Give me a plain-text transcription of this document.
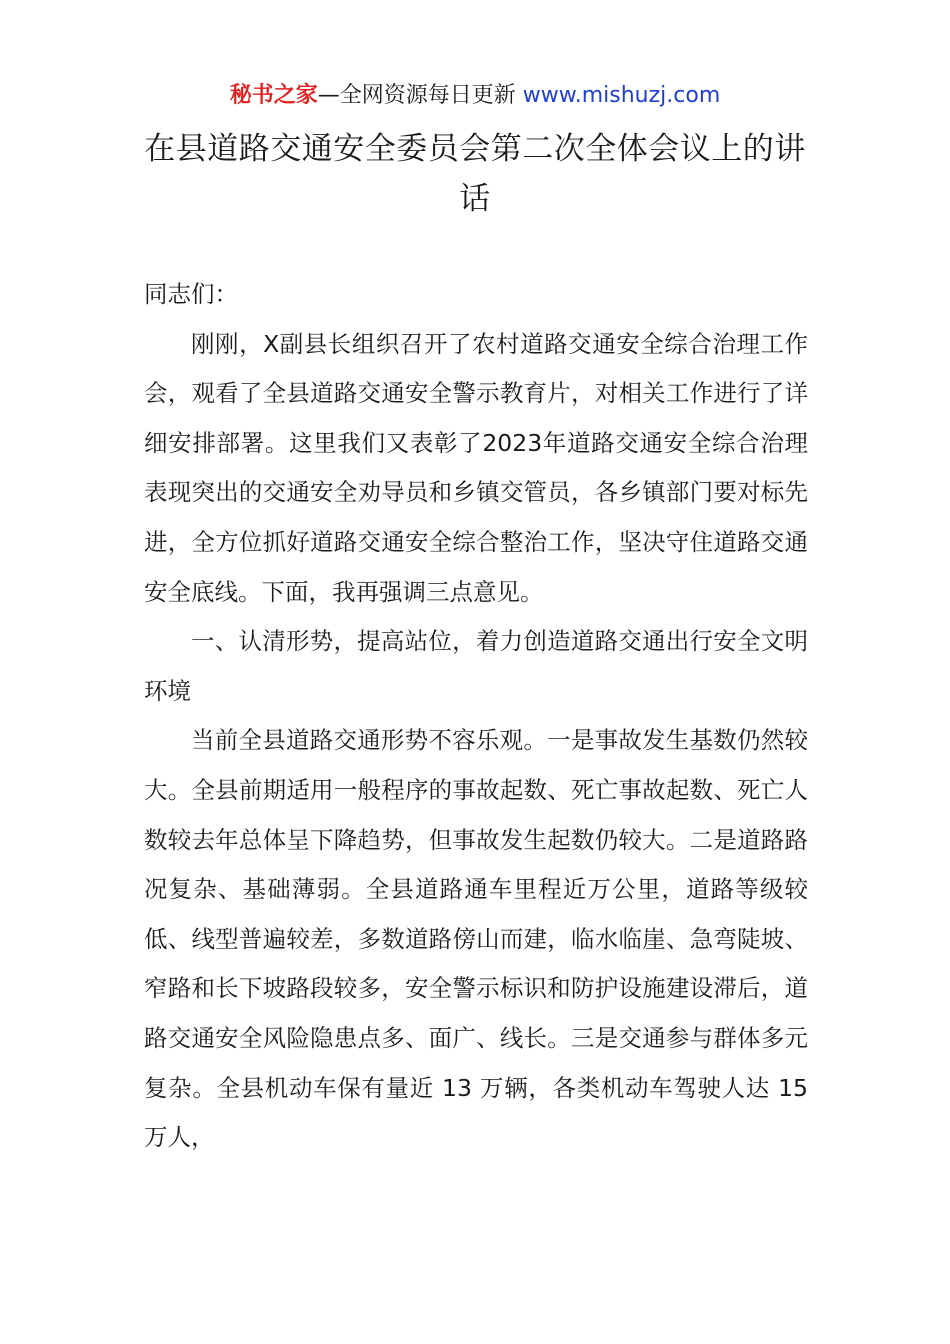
秘书之家—全网资源每日更新 www.mishuzj.com
在县道路交通安全委员会第二次全体会议上的讲话

同志们：

刚刚，X副县长组织召开了农村道路交通安全综合治理工作会，观看了全县道路交通安全警示教育片，对相关工作进行了详细安排部署。这里我们又表彰了2023年道路交通安全综合治理表现突出的交通安全劝导员和乡镇交管员，各乡镇部门要对标先进，全方位抓好道路交通安全综合整治工作，坚决守住道路交通安全底线。下面，我再强调三点意见。

一、认清形势，提高站位，着力创造道路交通出行安全文明环境

当前全县道路交通形势不容乐观。一是事故发生基数仍然较大。全县前期适用一般程序的事故起数、死亡事故起数、死亡人数较去年总体呈下降趋势，但事故发生起数仍较大。二是道路路况复杂、基础薄弱。全县道路通车里程近万公里，道路等级较低、线型普遍较差，多数道路傍山而建，临水临崖、急弯陡坡、窄路和长下坡路段较多，安全警示标识和防护设施建设滞后，道路交通安全风险隐患点多、面广、线长。三是交通参与群体多元复杂。全县机动车保有量近 13 万辆，各类机动车驾驶人达 15 万人，
